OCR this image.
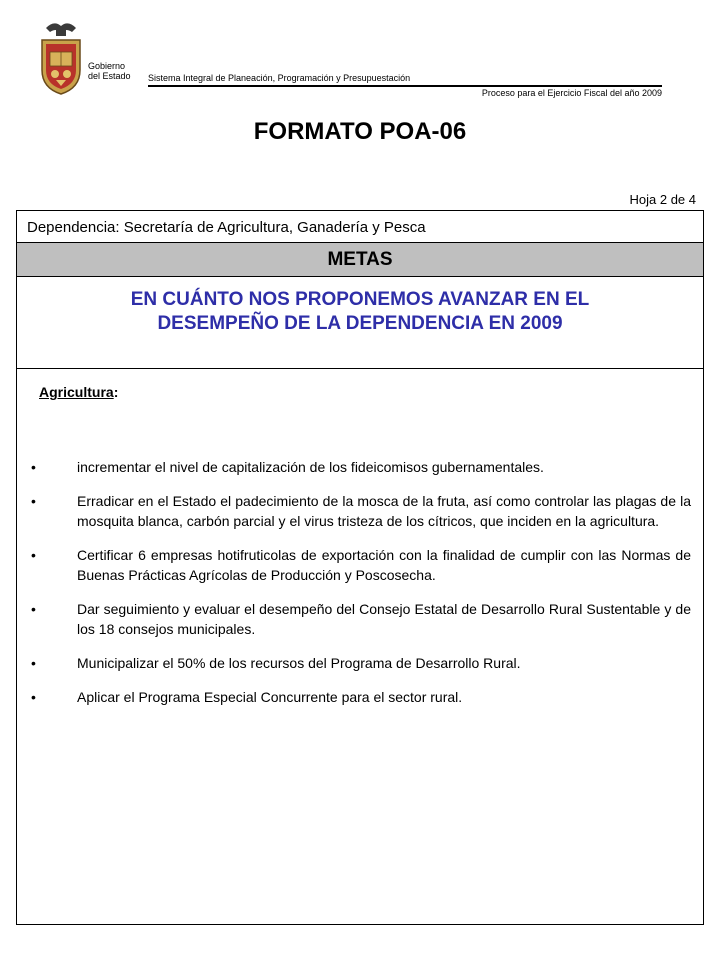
Gobierno
del Estado Sistema Integral de Planeación, Programación y Presupuestación
Proceso para el Ejercicio Fiscal del año 2009
FORMATO POA-06
Hoja 2 de 4
Dependencia: Secretaría de Agricultura, Ganadería y Pesca
METAS
EN CUÁNTO NOS PROPONEMOS AVANZAR EN EL
DESEMPEÑO DE LA DEPENDENCIA EN 2009
Agricultura:
•	incrementar el nivel de capitalización de los fideicomisos gubernamentales.
•	Erradicar en el Estado el padecimiento de la mosca de la fruta, así como controlar las plagas de la mosquita blanca, carbón parcial y el virus tristeza de los cítricos, que inciden en la agricultura.
•	Certificar 6 empresas hotifruticolas de exportación con la finalidad de cumplir con las Normas de Buenas Prácticas Agrícolas de Producción y Poscosecha.
•	Dar seguimiento y evaluar el desempeño del Consejo Estatal de Desarrollo Rural Sustentable y de los 18 consejos municipales.
•	Municipalizar el 50% de los recursos del Programa de Desarrollo Rural.
•	Aplicar el Programa Especial Concurrente para el sector rural.
